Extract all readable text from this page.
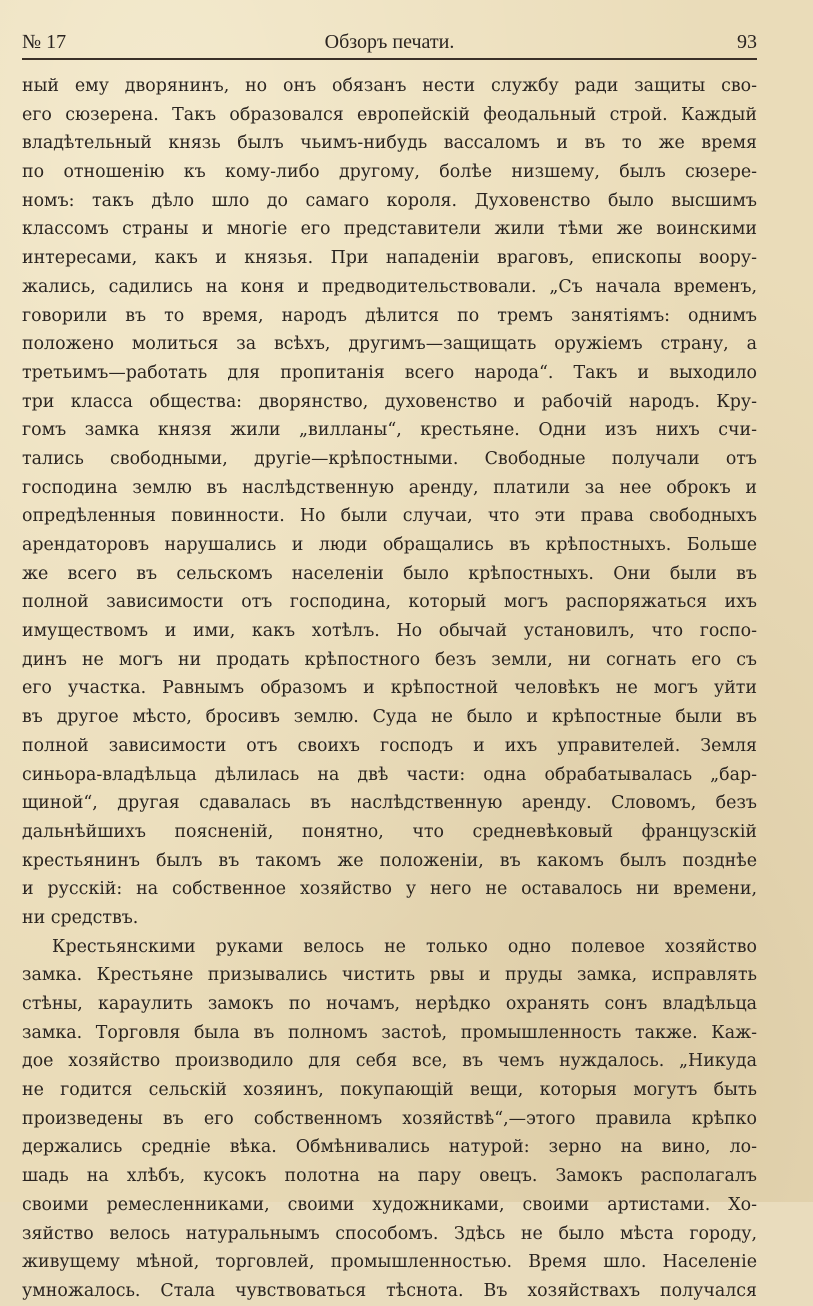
№ 17	Обзоръ печати.	93
ный ему дворянинъ, но онъ обязанъ нести службу ради защиты сво-
его сюзерена. Такъ образовался европейскій феодальный строй. Каждый
владѣтельный князь былъ чьимъ-нибудь вассаломъ и въ то же время
по отношенію къ кому-либо другому, болѣе низшему, былъ сюзере-
номъ: такъ дѣло шло до самаго короля. Духовенство было высшимъ
классомъ страны и многіе его представители жили тѣми же воинскими
интересами, какъ и князья. При нападеніи враговъ, епископы воору-
жались, садились на коня и предводительствовали. „Съ начала временъ,
говорили въ то время, народъ дѣлится по тремъ занятіямъ: однимъ
положено молиться за всѣхъ, другимъ—защищать оружіемъ страну, а
третьимъ—работать для пропитанія всего народа“. Такъ и выходило
три класса общества: дворянство, духовенство и рабочій народъ. Кру-
гомъ замка князя жили „вилланы“, крестьяне. Одни изъ нихъ счи-
тались свободными, другіе—крѣпостными. Свободные получали отъ
господина землю въ наслѣдственную аренду, платили за нее оброкъ и
опредѣленныя повинности. Но были случаи, что эти права свободныхъ
арендаторовъ нарушались и люди обращались въ крѣпостныхъ. Больше
же всего въ сельскомъ населеніи было крѣпостныхъ. Они были въ
полной зависимости отъ господина, который могъ распоряжаться ихъ
имуществомъ и ими, какъ хотѣлъ. Но обычай установилъ, что госпо-
динъ не могъ ни продать крѣпостного безъ земли, ни согнать его съ
его участка. Равнымъ образомъ и крѣпостной человѣкъ не могъ уйти
въ другое мѣсто, бросивъ землю. Суда не было и крѣпостные были въ
полной зависимости отъ своихъ господъ и ихъ управителей. Земля
синьора-владѣльца дѣлилась на двѣ части: одна обрабатывалась „бар-
щиной“, другая сдавалась въ наслѣдственную аренду. Словомъ, безъ
дальнѣйшихъ поясненій, понятно, что средневѣковый французскій
крестьянинъ былъ въ такомъ же положеніи, въ какомъ былъ позднѣе
и русскій: на собственное хозяйство у него не оставалось ни времени,
ни средствъ.
Крестьянскими руками велось не только одно полевое хозяйство
замка. Крестьяне призывались чистить рвы и пруды замка, исправлять
стѣны, караулить замокъ по ночамъ, нерѣдко охранять сонъ владѣльца
замка. Торговля была въ полномъ застоѣ, промышленность также. Каж-
дое хозяйство производило для себя все, въ чемъ нуждалось. „Никуда
не годится сельскій хозяинъ, покупающій вещи, которыя могутъ быть
произведены въ его собственномъ хозяйствѣ“,—этого правила крѣпко
держались средніе вѣка. Обмѣнивались натурой: зерно на вино, ло-
шадь на хлѣбъ, кусокъ полотна на пару овецъ. Замокъ располагалъ
своими ремесленниками, своими художниками, своими артистами. Хо-
зяйство велось натуральнымъ способомъ. Здѣсь не было мѣста городу,
живущему мѣной, торговлей, промышленностью. Время шло. Населеніе
умножалось. Стала чувствоваться тѣснота. Въ хозяйствахъ получался
